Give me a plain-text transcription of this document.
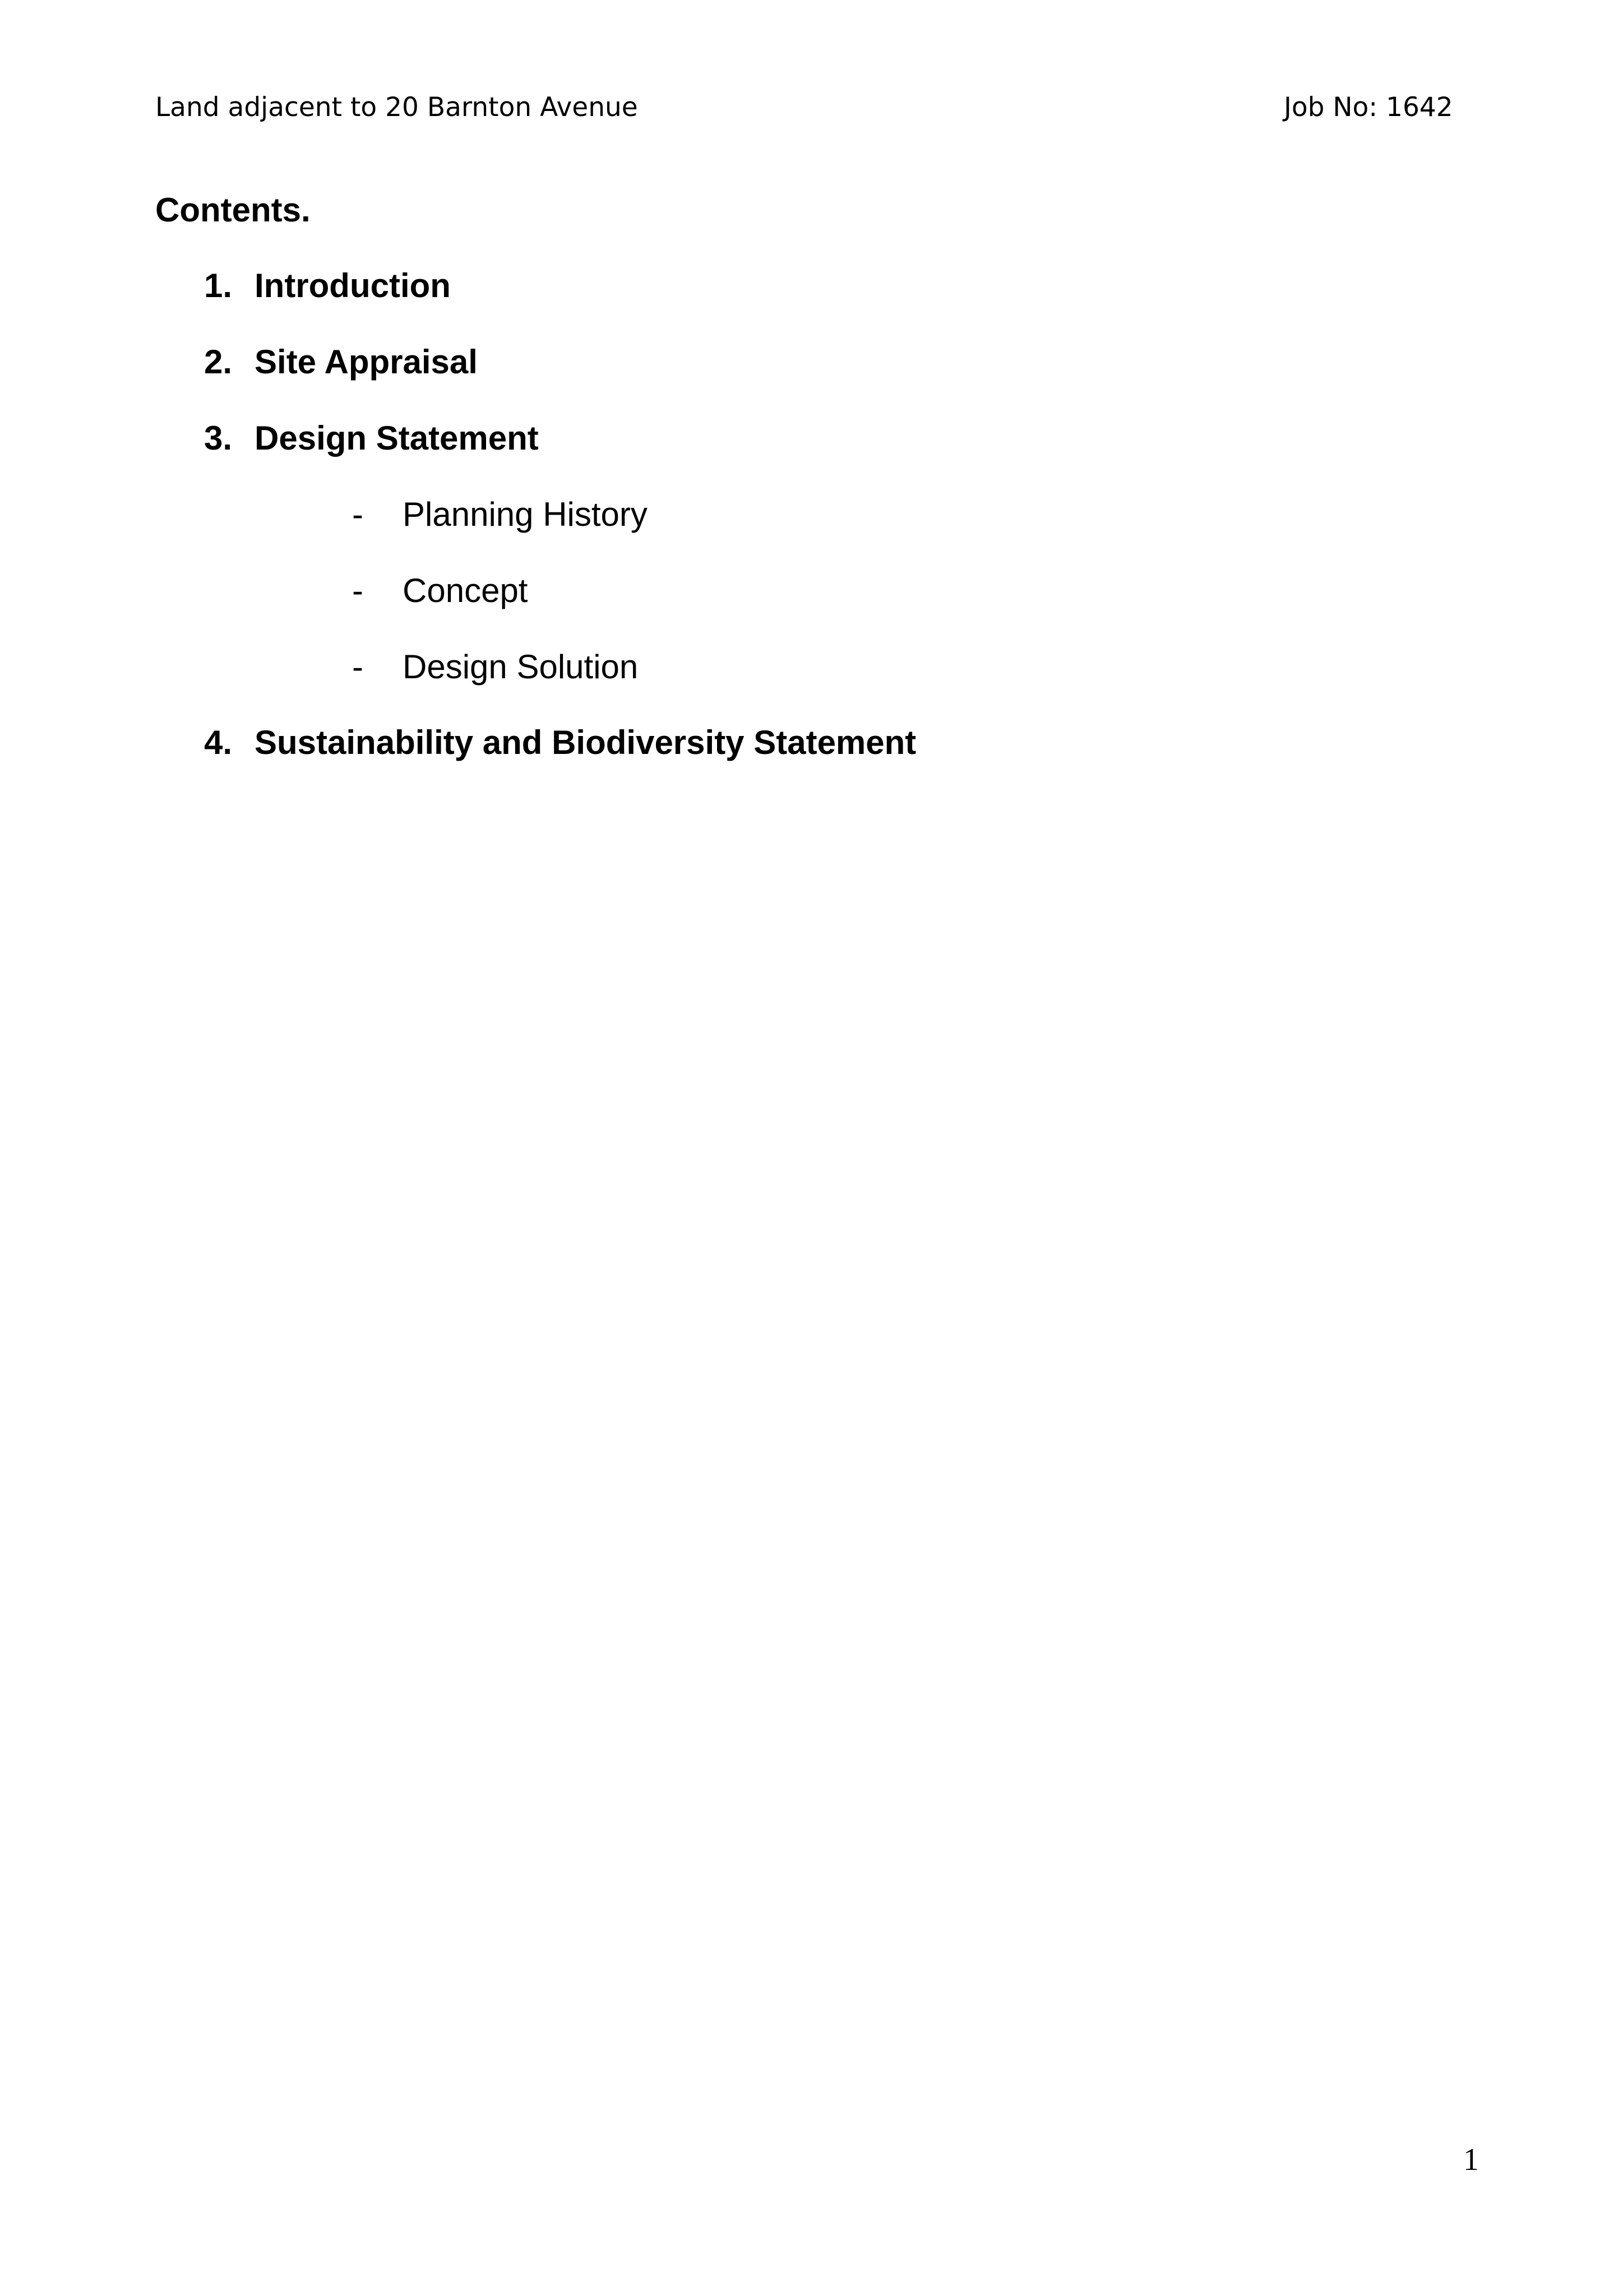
Land adjacent to 20 Barnton Avenue	Job No: 1642
Contents.
1. Introduction
2. Site Appraisal
3. Design Statement
- Planning History
- Concept
- Design Solution
4. Sustainability and Biodiversity Statement
1
